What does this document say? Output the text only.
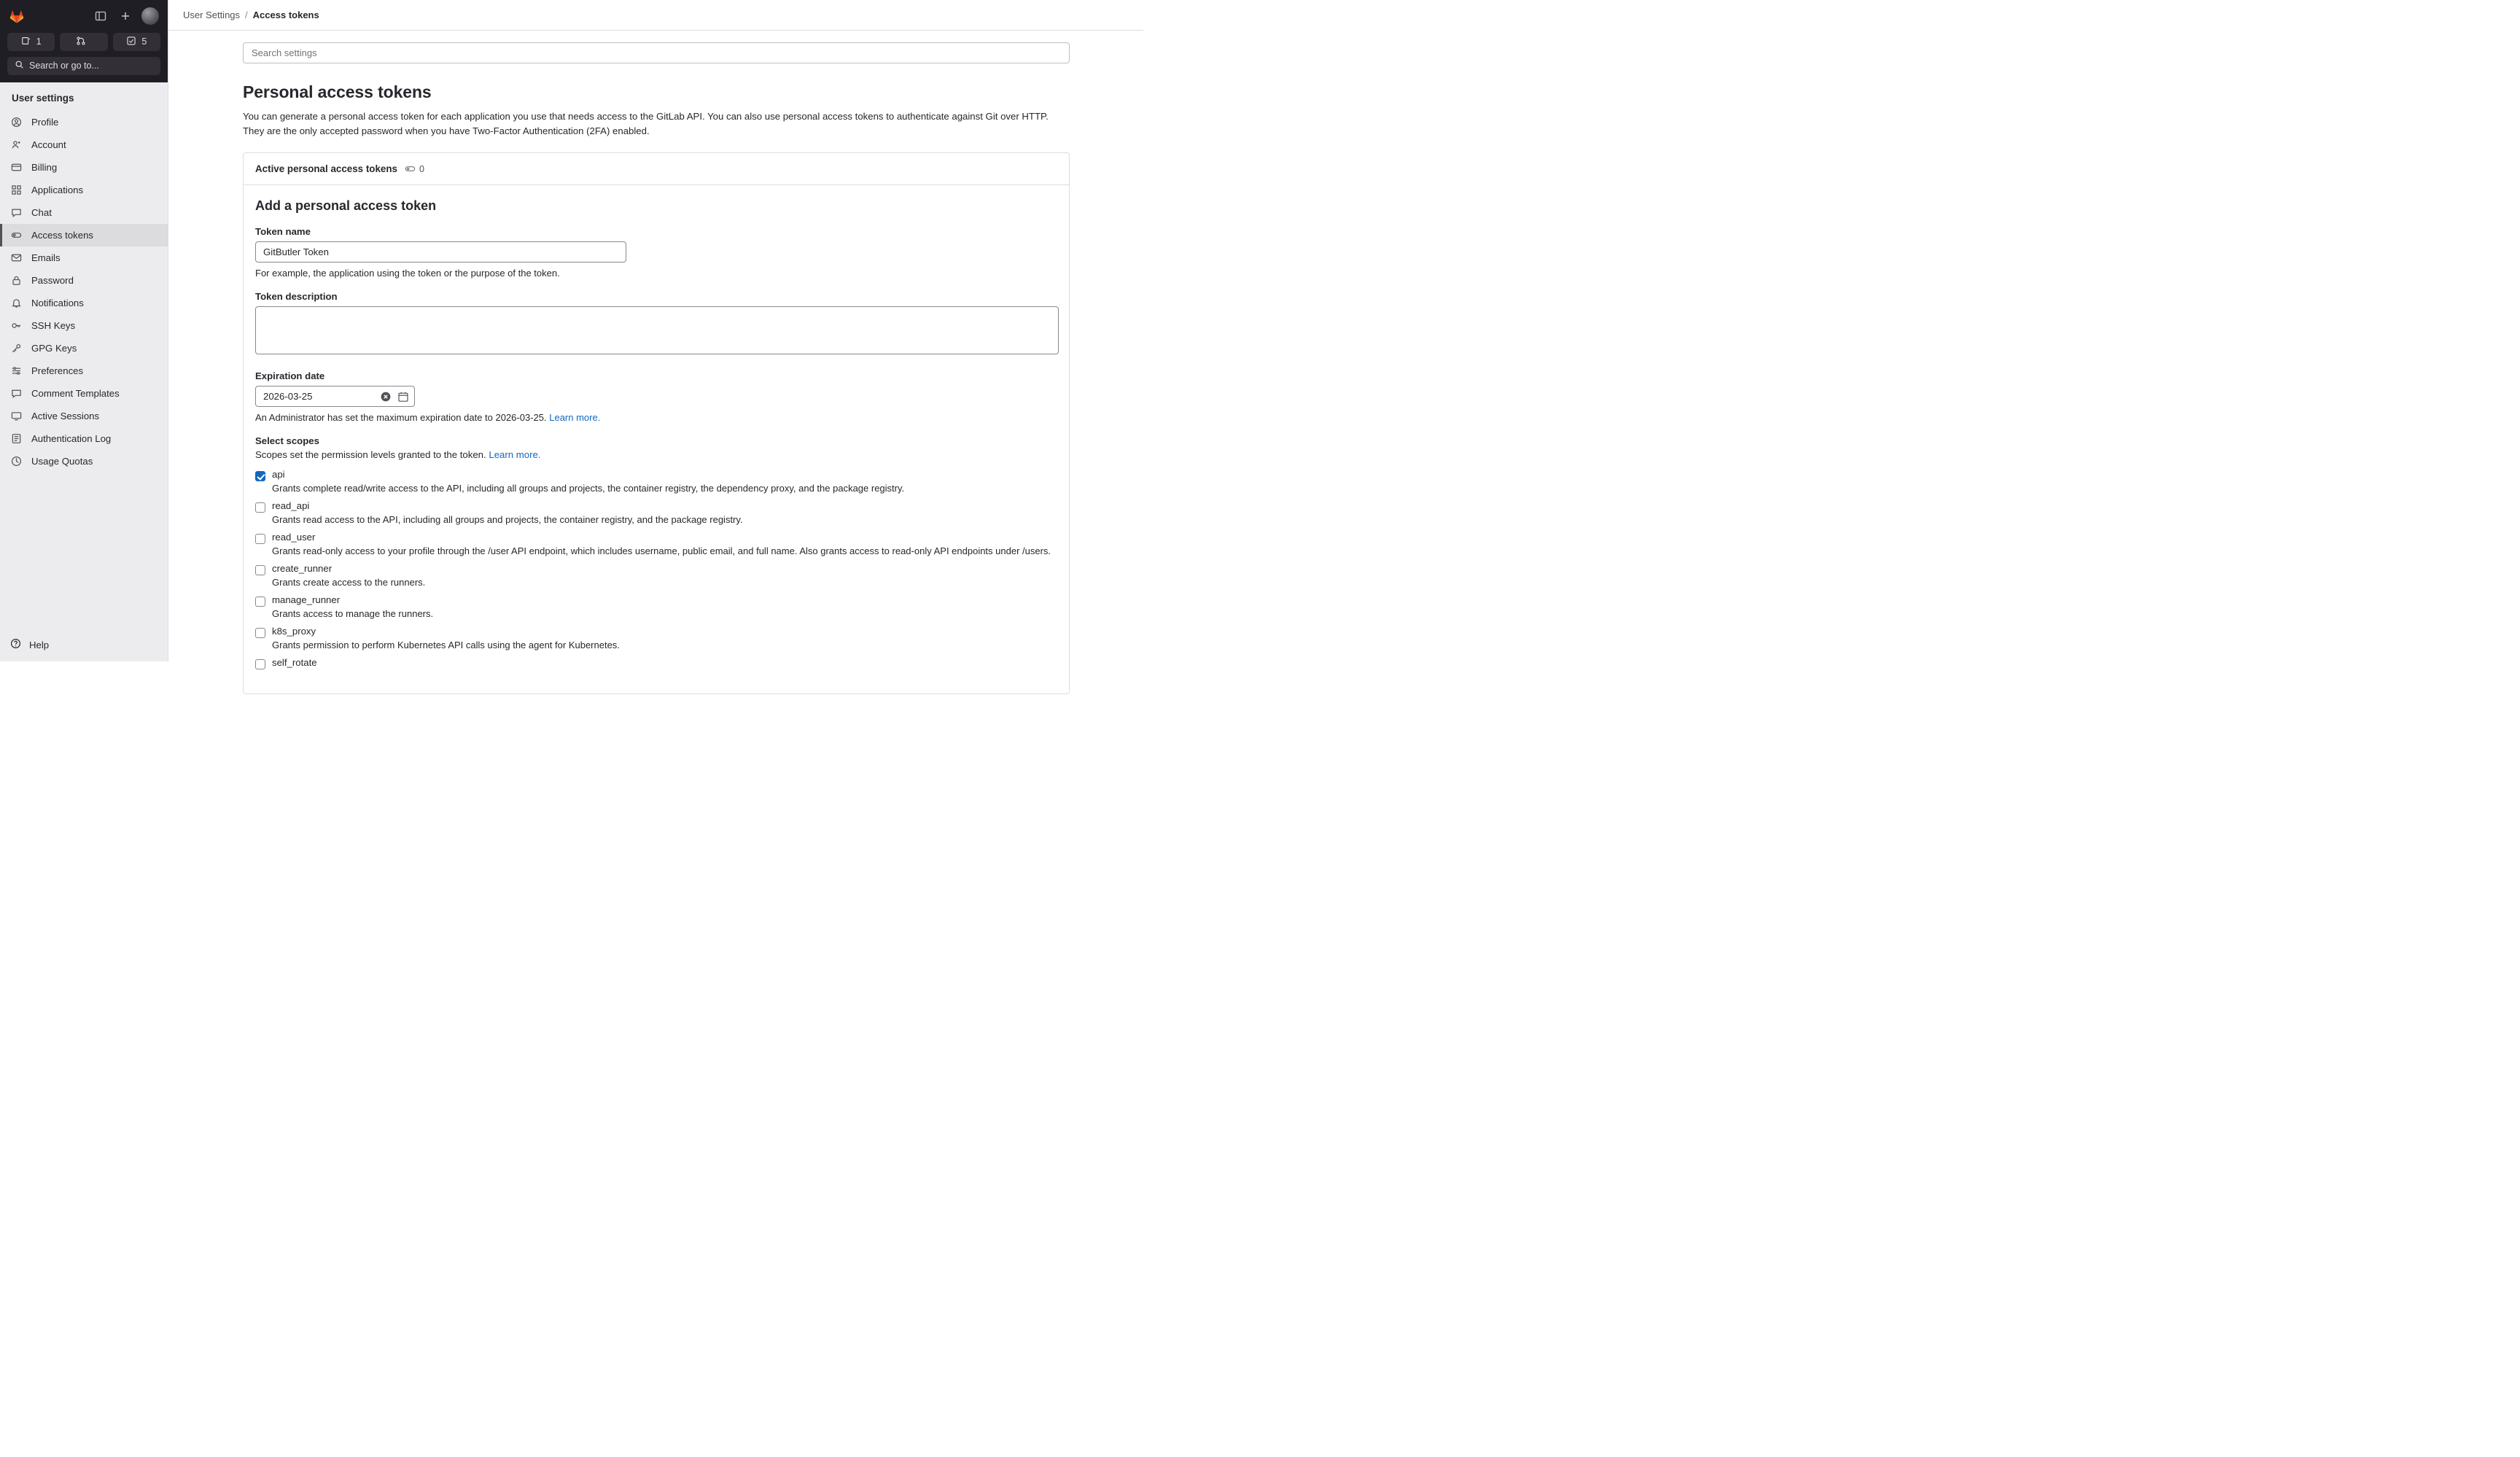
1	5
Search or go to...
User settings
Profile
Account
Billing
Applications
Chat
Access tokens
Emails
Password
Notifications
SSH Keys
GPG Keys
Preferences
Comment Templates
Active Sessions
Authentication Log
Usage Quotas
Help
User Settings / Access tokens
Search settings
Personal access tokens

You can generate a personal access token for each application you use that needs access to the GitLab API. You can also use personal access tokens to authenticate against Git over HTTP. They are the only accepted password when you have Two-Factor Authentication (2FA) enabled.

Active personal access tokens 0
Add a personal access token
Token name
GitButler Token
For example, the application using the token or the purpose of the token.
Token description
Expiration date
2026-03-25
An Administrator has set the maximum expiration date to 2026-03-25. Learn more.
Select scopes
Scopes set the permission levels granted to the token. Learn more.
api
Grants complete read/write access to the API, including all groups and projects, the container registry, the dependency proxy, and the package registry.
read_api
Grants read access to the API, including all groups and projects, the container registry, and the package registry.
read_user
Grants read-only access to your profile through the /user API endpoint, which includes username, public email, and full name. Also grants access to read-only API endpoints under /users.
create_runner
Grants create access to the runners.
manage_runner
Grants access to manage the runners.
k8s_proxy
Grants permission to perform Kubernetes API calls using the agent for Kubernetes.
self_rotate
